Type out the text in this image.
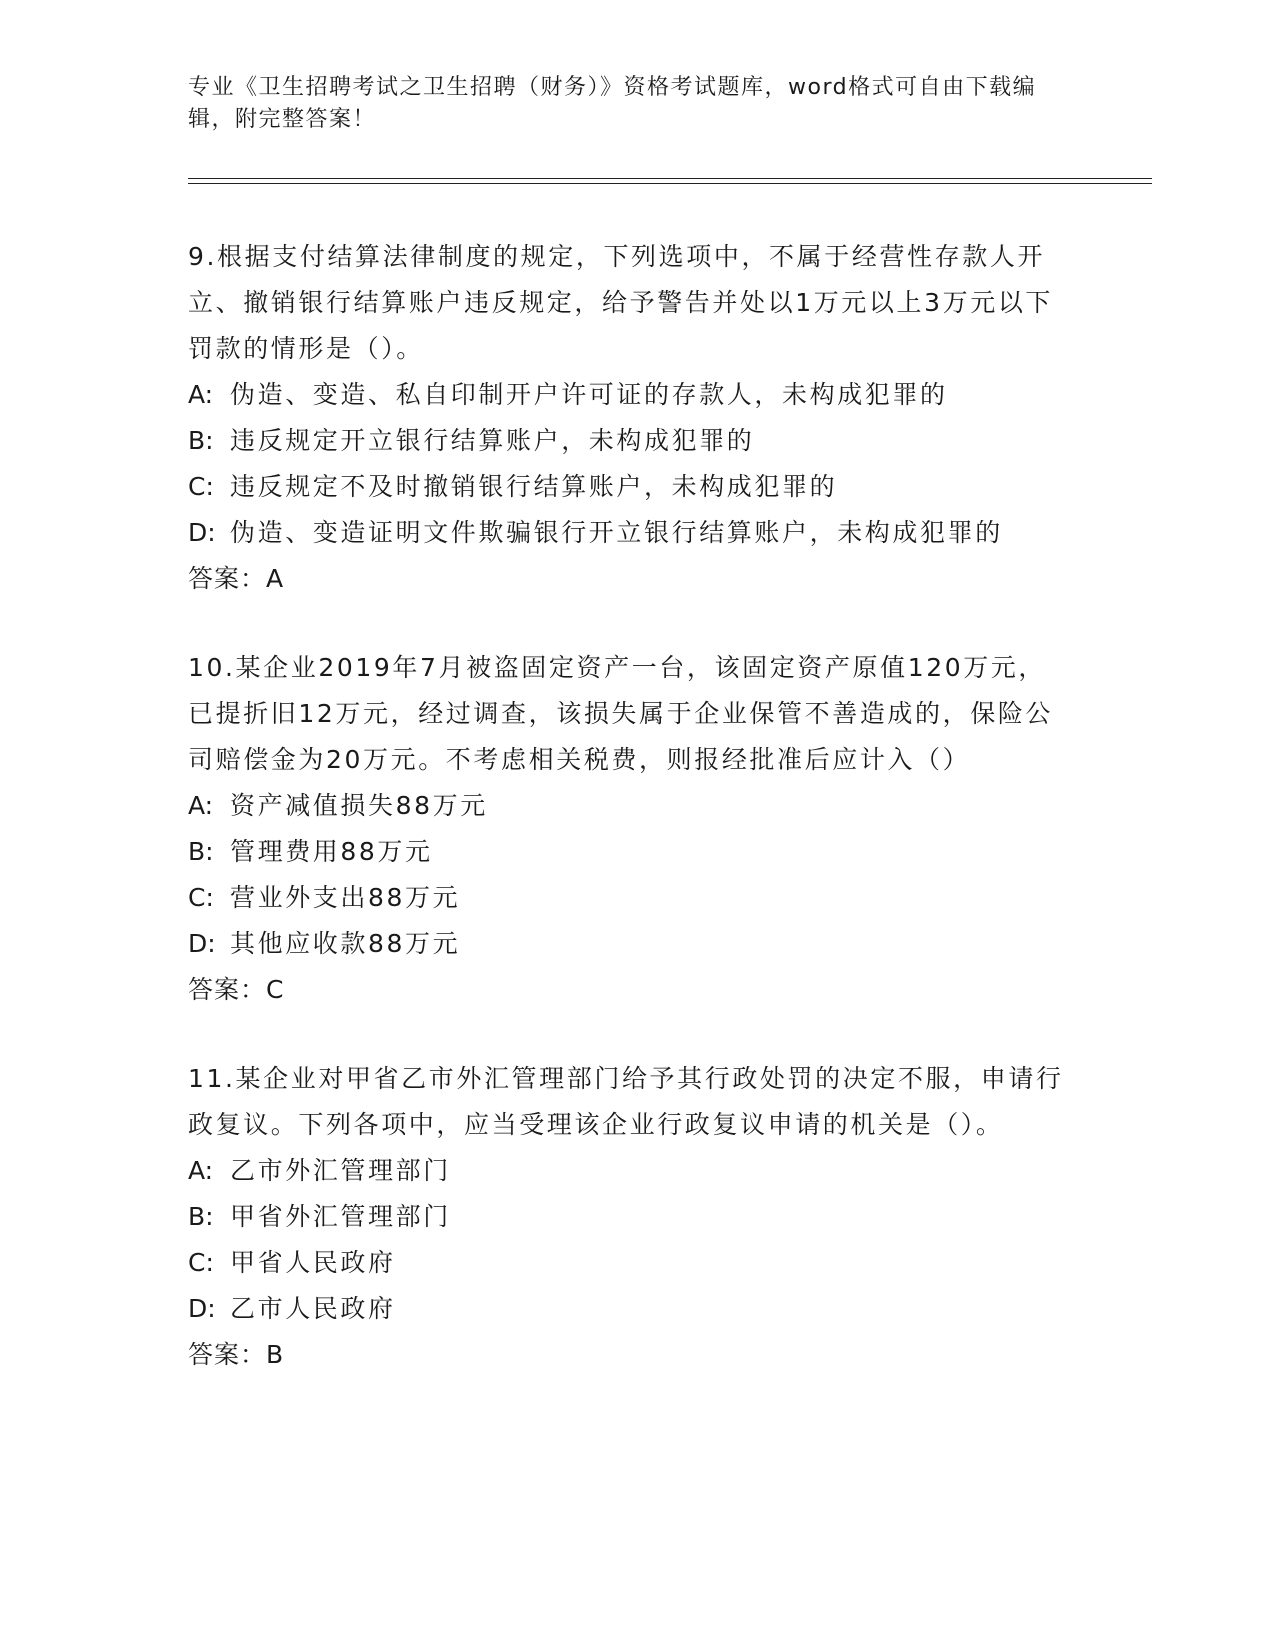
专业《卫生招聘考试之卫生招聘（财务）》资格考试题库，word格式可自由下载编辑，附完整答案！

9.根据支付结算法律制度的规定，下列选项中，不属于经营性存款人开立、撤销银行结算账户违反规定，给予警告并处以1万元以上3万元以下罚款的情形是（）。

A: 伪造、变造、私自印制开户许可证的存款人，未构成犯罪的

B: 违反规定开立银行结算账户，未构成犯罪的

C: 违反规定不及时撤销银行结算账户，未构成犯罪的

D: 伪造、变造证明文件欺骗银行开立银行结算账户，未构成犯罪的

答案：A

10.某企业2019年7月被盗固定资产一台，该固定资产原值120万元，已提折旧12万元，经过调查，该损失属于企业保管不善造成的，保险公司赔偿金为20万元。不考虑相关税费，则报经批准后应计入（）

A: 资产减值损失88万元

B: 管理费用88万元

C: 营业外支出88万元

D: 其他应收款88万元

答案：C

11.某企业对甲省乙市外汇管理部门给予其行政处罚的决定不服，申请行政复议。下列各项中，应当受理该企业行政复议申请的机关是（）。

A: 乙市外汇管理部门

B: 甲省外汇管理部门

C: 甲省人民政府

D: 乙市人民政府

答案：B
